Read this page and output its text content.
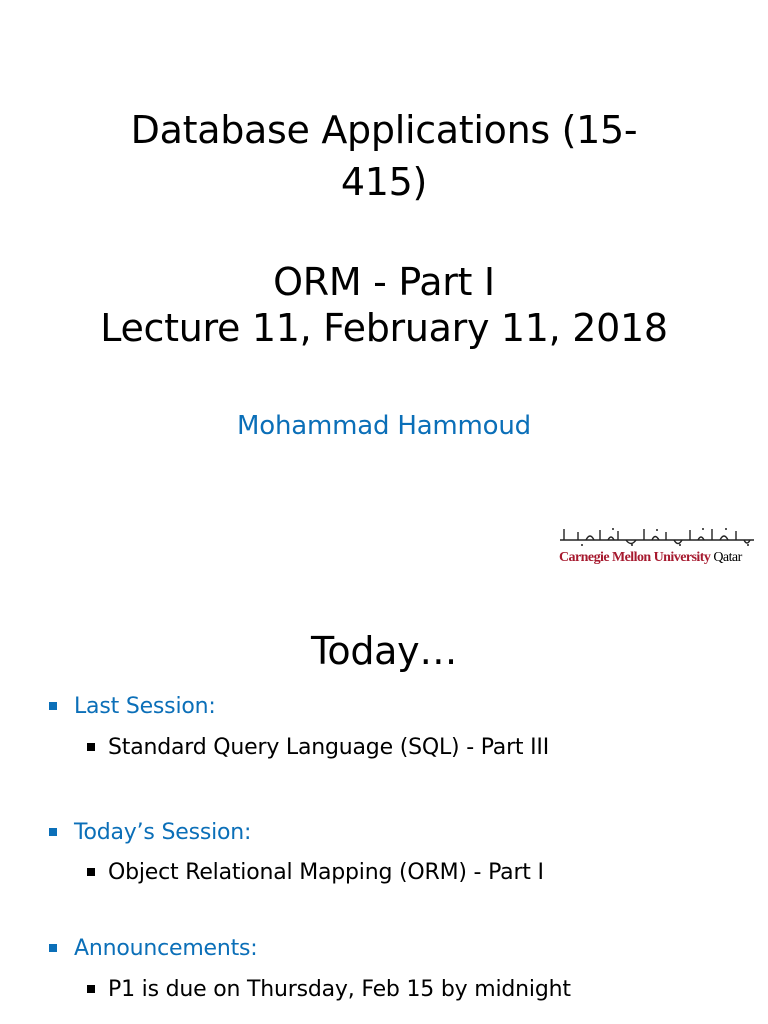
Database Applications (15-
415)
ORM - Part I
Lecture 11, February 11, 2018
Mohammad Hammoud
Carnegie Mellon University Qatar
Today…
Last Session:
Standard Query Language (SQL) - Part III
Today’s Session:
Object Relational Mapping (ORM) - Part I
Announcements:
P1 is due on Thursday, Feb 15 by midnight
